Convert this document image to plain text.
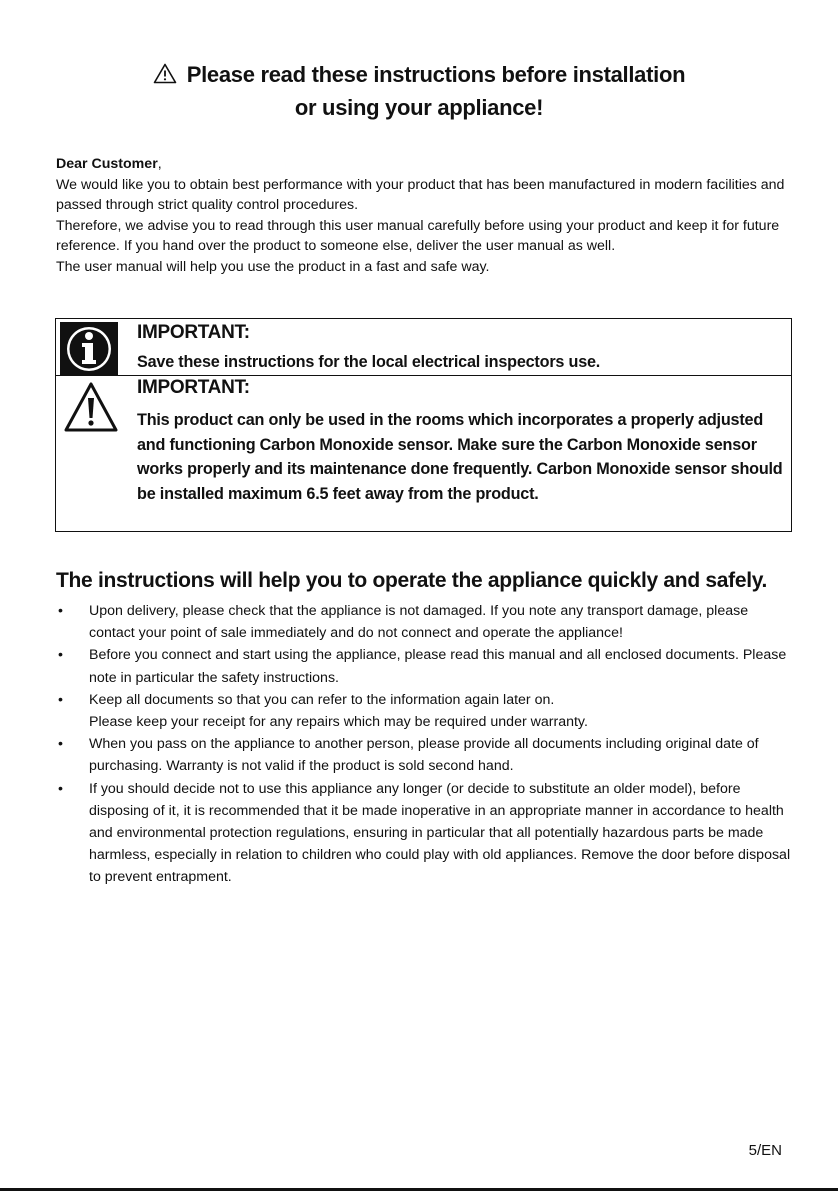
Please read these instructions before installation
or using your appliance!

Dear Customer,

We would like you to obtain best performance with your product that has been manufactured in modern facilities and passed through strict quality control procedures.

Therefore, we advise you to read through this user manual carefully before using your product and keep it for future reference. If you hand over the product to someone else, deliver the user manual as well.

The user manual will help you use the product in a fast and safe way.

IMPORTANT:
Save these instructions for the local electrical inspectors use.
IMPORTANT:
This product can only be used in the rooms which incorporates a properly adjusted and functioning Carbon Monoxide sensor. Make sure the Carbon Monoxide sensor works properly and its maintenance done frequently. Carbon Monoxide sensor should be installed maximum 6.5 feet away from the product.
The instructions will help you to operate the appliance quickly and safely.
• Upon delivery, please check that the appliance is not damaged. If you note any transport damage, please contact your point of sale immediately and do not connect and operate the appliance!

• Before you connect and start using the appliance, please read this manual and all enclosed documents. Please note in particular the safety instructions.

• Keep all documents so that you can refer to the information again later on.

Please keep your receipt for any repairs which may be required under warranty.

• When you pass on the appliance to another person, please provide all documents including original date of purchasing. Warranty is not valid if the product is sold second hand.

• If you should decide not to use this appliance any longer (or decide to substitute an older model), before disposing of it, it is recommended that it be made inoperative in an appropriate manner in accordance to health and environmental protection regulations, ensuring in particular that all potentially hazardous parts be made harmless, especially in relation to children who could play with old appliances. Remove the door before disposal to prevent entrapment.

5/EN
